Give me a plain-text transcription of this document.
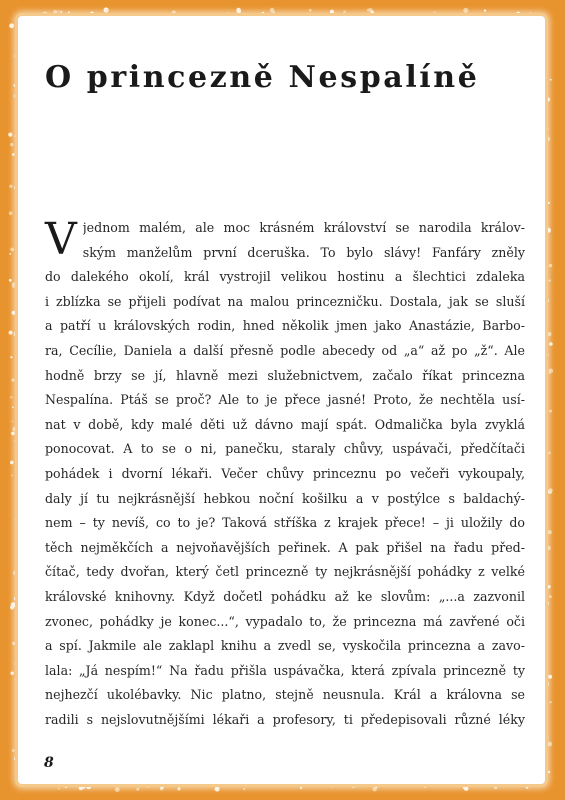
O princezně Nespalíně
V jednom malém, ale moc krásném království se narodila králov-
ským manželům první dceruška. To bylo slávy! Fanfáry zněly
do dalekého okolí, král vystrojil velikou hostinu a šlechtici zdaleka
i zblízka se přijeli podívat na malou princezničku. Dostala, jak se sluší
a patří u královských rodin, hned několik jmen jako Anastázie, Barbo-
ra, Cecílie, Daniela a další přesně podle abecedy od „a“ až po „ž“. Ale
hodně brzy se jí, hlavně mezi služebnictvem, začalo říkat princezna
Nespalína. Ptáš se proč? Ale to je přece jasné! Proto, že nechtěla usí-
nat v době, kdy malé děti už dávno mají spát. Odmalička byla zvyklá
ponocovat. A to se o ni, panečku, staraly chůvy, uspávači, předčítači
pohádek i dvorní lékaři. Večer chůvy princeznu po večeři vykoupaly,
daly jí tu nejkrásnější hebkou noční košilku a v postýlce s baldachý-
nem – ty nevíš, co to je? Taková stříška z krajek přece! – ji uložily do
těch nejměkčích a nejvoňavějších peřinek. A pak přišel na řadu před-
čítač, tedy dvořan, který četl princezně ty nejkrásnější pohádky z velké
královské knihovny. Když dočetl pohádku až ke slovům: „...a zazvonil
zvonec, pohádky je konec...“, vypadalo to, že princezna má zavřené oči
a spí. Jakmile ale zaklapl knihu a zvedl se, vyskočila princezna a zavo-
lala: „Já nespím!“ Na řadu přišla uspávačka, která zpívala princezně ty
nejhezčí ukolébavky. Nic platno, stejně neusnula. Král a královna se
radili s nejslovutnějšími lékaři a profesory, ti předepisovali různé léky
8
